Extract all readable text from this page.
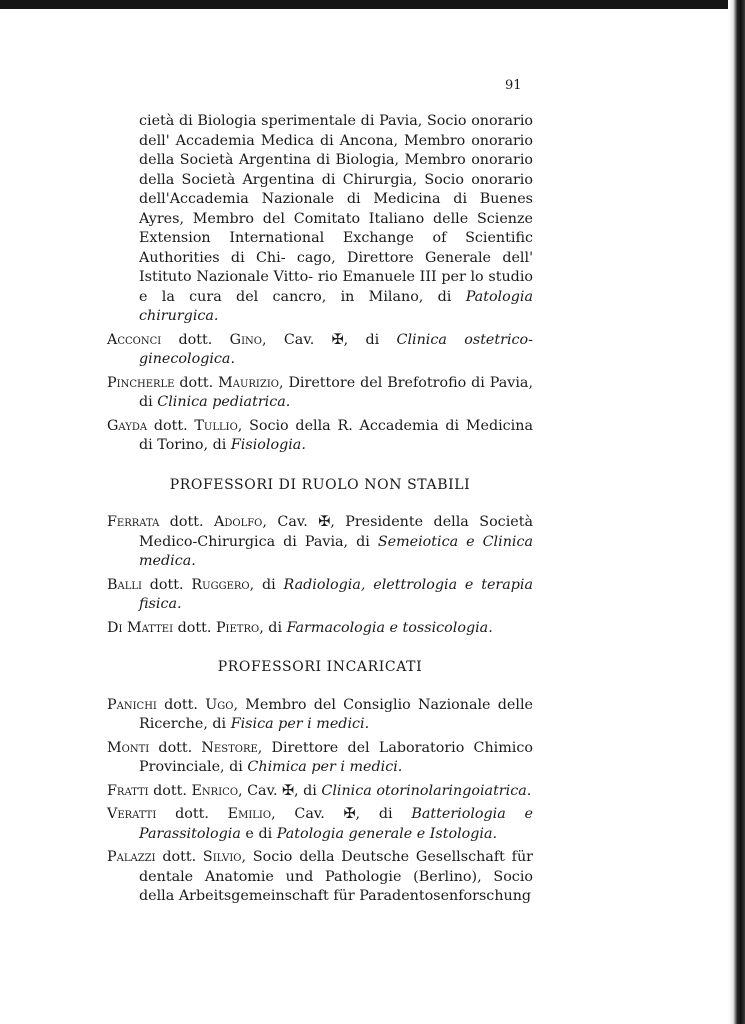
91
cietà di Biologia sperimentale di Pavia, Socio onorario dell' Accademia Medica di Ancona, Membro onorario della Società Argentina di Biologia, Membro onorario della Società Argentina di Chirurgia, Socio onorario dell'Accademia Nazionale di Medicina di Buenes Ayres, Membro del Comitato Italiano delle Scienze Extension International Exchange of Scientific Authorities di Chi- cago, Direttore Generale dell' Istituto Nazionale Vitto- rio Emanuele III per lo studio e la cura del cancro, in Milano, di Patologia chirurgica.

Acconci dott. Gino, Cav. ✠, di Clinica ostetrico-ginecologica.

Pincherle dott. Maurizio, Direttore del Brefotrofio di Pavia, di Clinica pediatrica.

Gayda dott. Tullio, Socio della R. Accademia di Medicina di Torino, di Fisiologia.

PROFESSORI DI RUOLO NON STABILI

Ferrata dott. Adolfo, Cav. ✠, Presidente della Società Medico-Chirurgica di Pavia, di Semeiotica e Clinica medica.

Balli dott. Ruggero, di Radiologia, elettrologia e terapia fisica.

Di Mattei dott. Pietro, di Farmacologia e tossicologia.

PROFESSORI INCARICATI

Panichi dott. Ugo, Membro del Consiglio Nazionale delle Ricerche, di Fisica per i medici.

Monti dott. Nestore, Direttore del Laboratorio Chimico Provinciale, di Chimica per i medici.

Fratti dott. Enrico, Cav. ✠, di Clinica otorinolaringoiatrica.

Veratti dott. Emilio, Cav. ✠, di Batteriologia e Parassitologia e di Patologia generale e Istologia.

Palazzi dott. Silvio, Socio della Deutsche Gesellschaft für dentale Anatomie und Pathologie (Berlino), Socio della Arbeitsgemeinschaft für Paradentosenforschung
